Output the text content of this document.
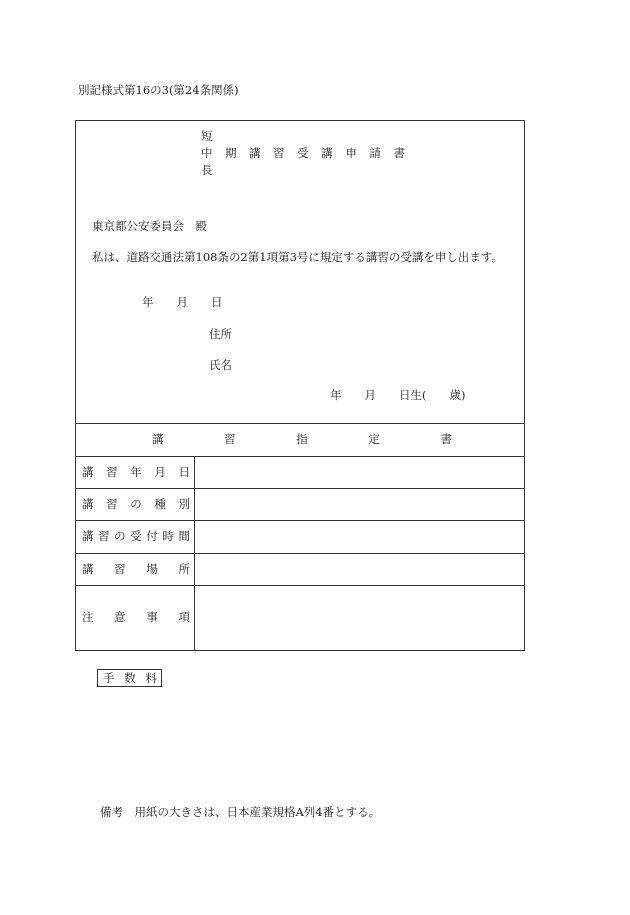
別記様式第16の3(第24条関係)
短
中
長
期 講 習 受 講 申 請 書
東京都公安委員会　殿
私は、道路交通法第108条の2第1項第3号に規定する講習の受講を申し出ます。
年　　月　　日
住所
氏名
年　　月　　日生(　　歳)
講	習	指	定	書
講 習 年 月 日
講 習 の 種 別
講 習 の 受 付 時 間
講 習 場 所
注 意 事 項
手 数 料
備考　用紙の大きさは、日本産業規格A列4番とする。
